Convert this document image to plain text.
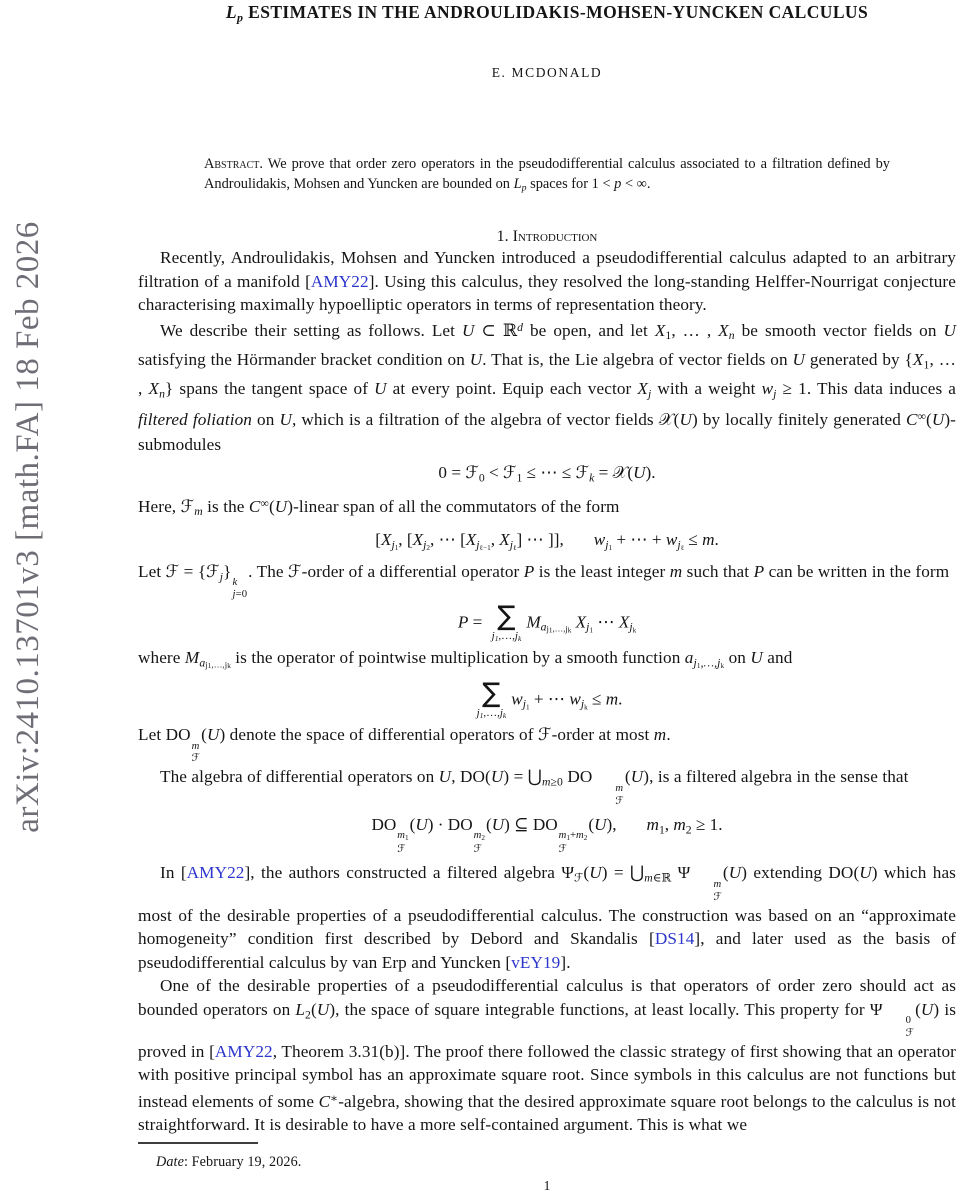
arXiv:2410.13701v3 [math.FA] 18 Feb 2026
$L_p$ ESTIMATES IN THE ANDROULIDAKIS-MOHSEN-YUNCKEN CALCULUS
E. MCDONALD
Abstract. We prove that order zero operators in the pseudodifferential calculus associated to a filtration defined by Androulidakis, Mohsen and Yuncken are bounded on $L_p$ spaces for 1 < p < ∞.
1. Introduction

Recently, Androulidakis, Mohsen and Yuncken introduced a pseudodifferential calculus adapted to an arbitrary filtration of a manifold [AMY22]. Using this calculus, they resolved the long-standing Helffer-Nourrigat conjecture characterising maximally hypoelliptic operators in terms of representation theory.

We describe their setting as follows. Let U ⊂ ℝ$^d$ be open, and let X1, … , $X_n$ be smooth vector fields on U satisfying the Hörmander bracket condition on U. That is, the Lie algebra of vector fields on U generated by {X1, … , $X_n$} spans the tangent space of U at every point. Equip each vector $X_j$ with a weight $w_j \ge 1$. This data induces a filtered foliation on U, which is a filtration of the algebra of vector fields 𝒳(U) by locally finitely generated C∞(U)-submodules

0 = ℱ0 < ℱ1 ≤ ⋯ ≤ ℱ$_k$ = 𝒳(U).

Here, ℱ$_m$ is the C∞(U)-linear span of all the commutators of the form

[$X_{j1}$, [$X_{j2}$, ⋯ [$X_{j\ell-1}$, $X_{j\ell}$] ⋯ ]], $w_{j1}$ + ⋯ + $w_{j\ell} \le m$.

Let ℱ = {ℱ$_j$}
k
j=0
. The ℱ-order of a differential operator P is the least integer m such that P can be written in the form

P = ∑
$j_1,\dots,j_k$
$M_{aj1,\dots,jk}$ $X_{j1}$ ⋯ $X_{jk}$

where $M_{aj1,\dots,jk}$ is the operator of pointwise multiplication by a smooth function $a_{j1,\dots,jk}$ on U and

∑
$j_1,\dots,j_k$
$w_{j1}$ + ⋯ $w_{jk} \le m$.

Let DO
m
ℱ
(U) denote the space of differential operators of ℱ-order at most m.

The algebra of differential operators on U, $DO(U) = ⋃_m\ge 0$ DO
m
ℱ
(U), is a filtered algebra in the sense that

DO
m1
ℱ
(U) · DO
m2
ℱ
(U) ⊆ DO
m1+m2
ℱ
(U), m1, m2 ≥ 1.

In [AMY22], the authors constructed a filtered algebra $\Psi_ℱ(U)$ = $⋃_m\in ℝ$ Ψ
m
ℱ
(U) extending DO(U) which has most of the desirable properties of a pseudodifferential calculus. The construction was based on an “approximate homogeneity” condition first described by Debord and Skandalis [DS14], and later used as the basis of pseudodifferential calculus by van Erp and Yuncken [vEY19].

One of the desirable properties of a pseudodifferential calculus is that operators of order zero should act as bounded operators on L2(U), the space of square integrable functions, at least locally. This property for Ψ
0
ℱ
(U) is proved in [AMY22, Theorem 3.31(b)]. The proof there followed the classic strategy of first showing that an operator with positive principal symbol has an approximate square root. Since symbols in this calculus are not functions but instead elements of some C∗-algebra, showing that the desired approximate square root belongs to the calculus is not straightforward. It is desirable to have a more self-contained argument. This is what we

Date: February 19, 2026.

1
